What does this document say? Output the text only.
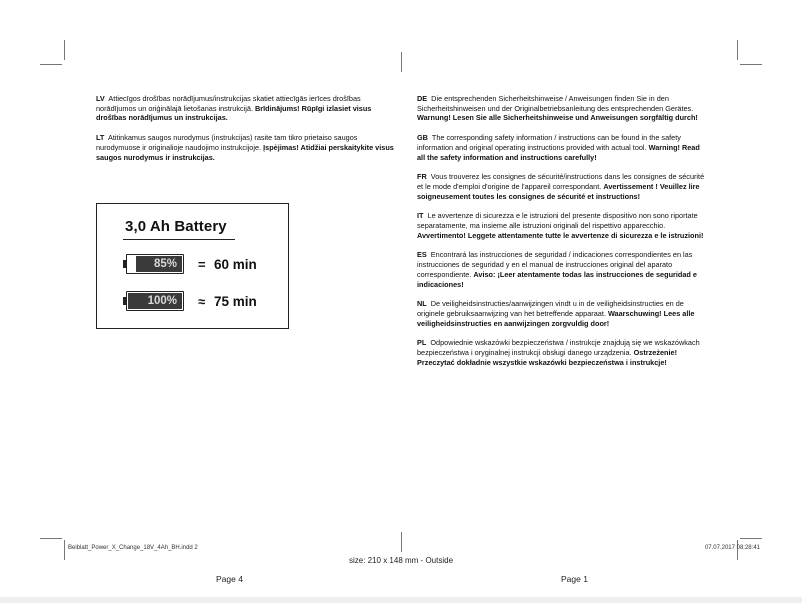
LV Attiecīgos drošības norādījumus/instrukcijas skatiet attiecīgās ierīces drošības norādījumos un oriģinālajā lietošanas instrukcijā. Brīdinājums! Rūpīgi izlasiet visus drošības norādījumus un instrukcijas.

LT Atitinkamus saugos nurodymus (instrukcijas) rasite tam tikro prietaiso saugos nurodymuose ir originalioje naudojimo instrukcijoje. Įspėjimas! Atidžiai perskaitykite visus saugos nurodymus ir instrukcijas.

3,0 Ah Battery
85%	= 60 min
100%	≈ 75 min

DE Die entsprechenden Sicherheitshinweise / Anweisungen finden Sie in den Sicherheitshinweisen und der Originalbetriebsanleitung des entsprechenden Gerätes. Warnung! Lesen Sie alle Sicherheitshinweise und Anweisungen sorgfältig durch!

GB The corresponding safety information / instructions can be found in the safety information and original operating instructions provided with actual tool. Warning! Read all the safety information and instructions carefully!

FR Vous trouverez les consignes de sécurité/instructions dans les consignes de sécurité et le mode d'emploi d'origine de l'appareil correspondant. Avertissement ! Veuillez lire soigneusement toutes les consignes de sécurité et instructions!

IT Le avvertenze di sicurezza e le istruzioni del presente dispositivo non sono riportate separatamente, ma insieme alle istruzioni originali del rispettivo apparecchio. Avvertimento! Leggete attentamente tutte le avvertenze di sicurezza e le istruzioni!

ES Encontrará las instrucciones de seguridad / indicaciones correspondientes en las instrucciones de seguridad y en el manual de instrucciones original del aparato correspondiente. Aviso: ¡Leer atentamente todas las instrucciones de seguridad e indicaciones!

NL De veiligheidsinstructies/aanwijzingen vindt u in de veiligheidsinstructies en de originele gebruiksaanwijzing van het betreffende apparaat. Waarschuwing! Lees alle veiligheidsinstructies en aanwijzingen zorgvuldig door!

PL Odpowiednie wskazówki bezpieczeństwa / instrukcje znajdują się we wskazówkach bezpieczeństwa i oryginalnej instrukcji obsługi danego urządzenia. Ostrzeżenie! Przeczytać dokładnie wszystkie wskazówki bezpieczeństwa i instrukcje!

Beiblatt_Power_X_Change_18V_4Ah_BH.indd 2	07.07.2017 08:28:41
size: 210 x 148 mm - Outside
Page 4	Page 1
